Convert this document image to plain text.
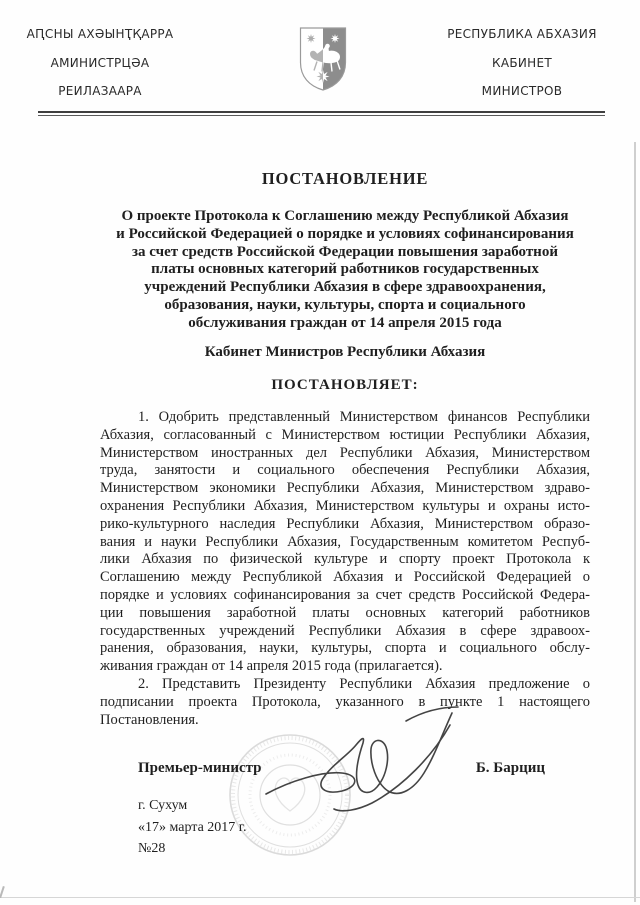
АԤСНЫ АХӘЫНҬҚАРРА
АМИНИСТРЦӘА
РЕИЛАЗААРА
РЕСПУБЛИКА АБХАЗИЯ
КАБИНЕТ
МИНИСТРОВ
ПОСТАНОВЛЕНИЕ
О проекте Протокола к Соглашению между Республикой Абхазия
и Российской Федерацией о порядке и условиях софинансирования
за счет средств Российской Федерации повышения заработной
платы основных категорий работников государственных
учреждений Республики Абхазия в сфере здравоохранения,
образования, науки, культуры, спорта и социального
обслуживания граждан от 14 апреля 2015 года
Кабинет Министров Республики Абхазия
ПОСТАНОВЛЯЕТ:
1. Одобрить представленный Министерством финансов Республики
Абхазия, согласованный с Министерством юстиции Республики Абхазия,
Министерством иностранных дел Республики Абхазия, Министерством
труда, занятости и социального обеспечения Республики Абхазия,
Министерством экономики Республики Абхазия, Министерством здраво-
охранения Республики Абхазия, Министерством культуры и охраны исто-
рико-культурного наследия Республики Абхазия, Министерством образо-
вания и науки Республики Абхазия, Государственным комитетом Респуб-
лики Абхазия по физической культуре и спорту проект Протокола к
Соглашению между Республикой Абхазия и Российской Федерацией о
порядке и условиях софинансирования за счет средств Российской Федера-
ции повышения заработной платы основных категорий работников
государственных учреждений Республики Абхазия в сфере здравоох-
ранения, образования, науки, культуры, спорта и социального обслу-
живания граждан от 14 апреля 2015 года (прилагается).
2. Представить Президенту Республики Абхазия предложение о
подписании проекта Протокола, указанного в пункте 1 настоящего
Постановления.
Премьер-министр	Б. Барциц
г. Сухум
«17» марта 2017 г.
№28
